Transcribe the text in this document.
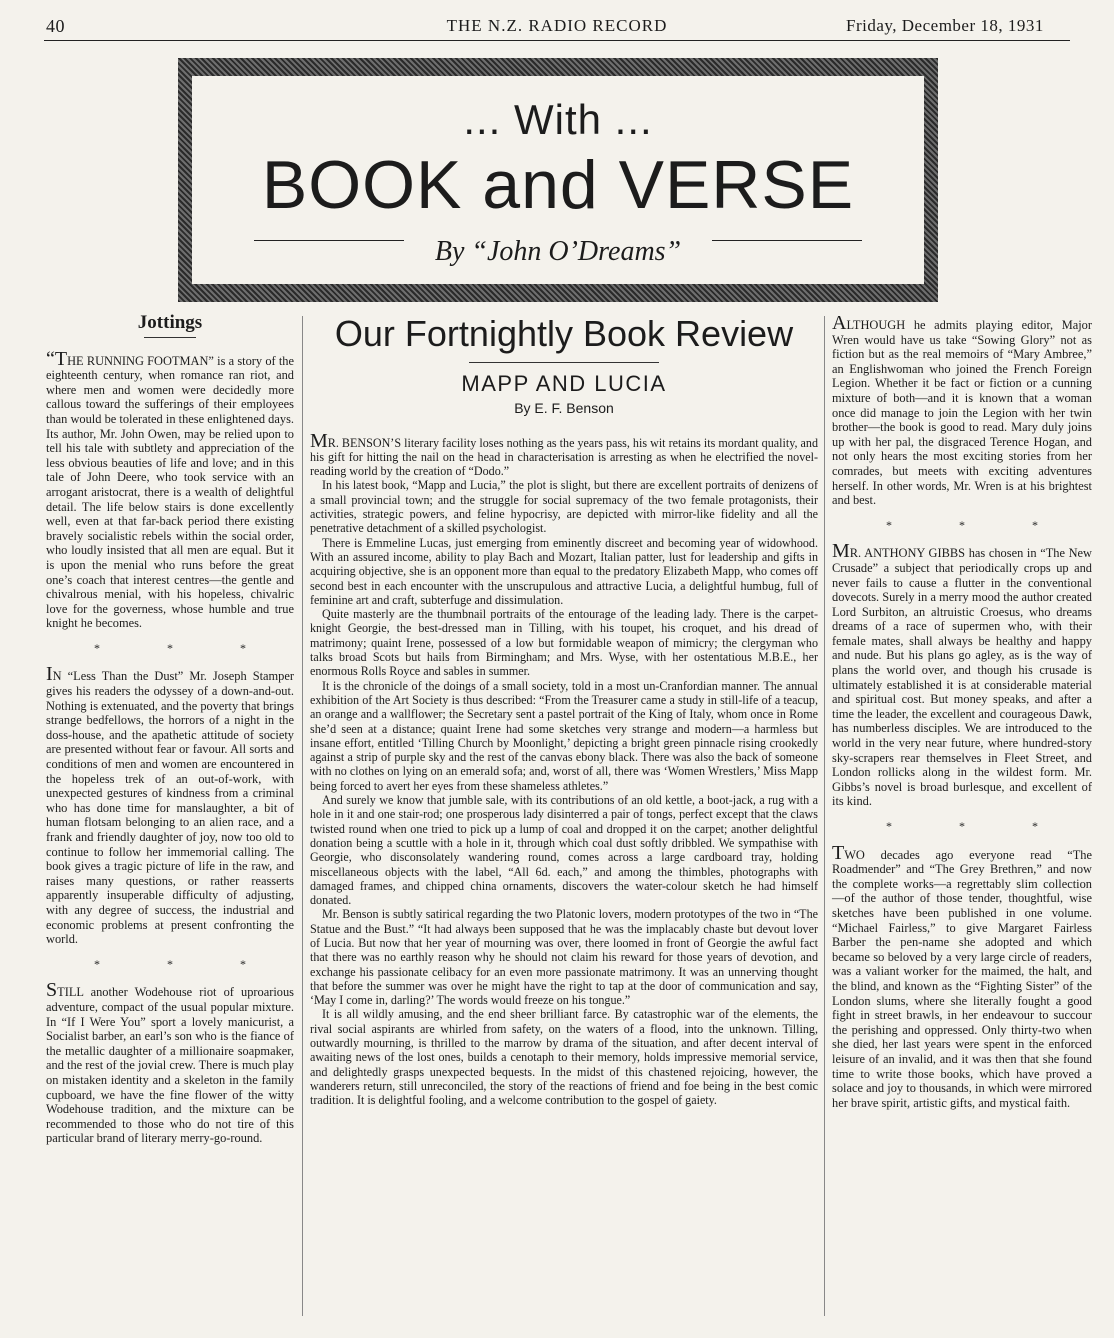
40	THE N.Z. RADIO RECORD	Friday, December 18, 1931
... With ...
BOOK and VERSE
By “John O’Dreams”
Jottings

“THE RUNNING FOOTMAN” is a story of the eighteenth century, when romance ran riot, and where men and women were decidedly more callous toward the sufferings of their employees than would be tolerated in these enlightened days. Its author, Mr. John Owen, may be relied upon to tell his tale with subtlety and appreciation of the less obvious beauties of life and love; and in this tale of John Deere, who took service with an arrogant aristocrat, there is a wealth of delightful detail. The life below stairs is done excellently well, even at that far-back period there existing bravely socialistic rebels within the social order, who loudly insisted that all men are equal. But it is upon the menial who runs before the great one’s coach that interest centres—the gentle and chivalrous menial, with his hopeless, chivalric love for the governess, whose humble and true knight he becomes.

* * *

IN “Less Than the Dust” Mr. Joseph Stamper gives his readers the odyssey of a down-and-out. Nothing is extenuated, and the poverty that brings strange bedfellows, the horrors of a night in the doss-house, and the apathetic attitude of society are presented without fear or favour. All sorts and conditions of men and women are encountered in the hopeless trek of an out-of-work, with unexpected gestures of kindness from a criminal who has done time for manslaughter, a bit of human flotsam belonging to an alien race, and a frank and friendly daughter of joy, now too old to continue to follow her immemorial calling. The book gives a tragic picture of life in the raw, and raises many questions, or rather reasserts apparently insuperable difficulty of adjusting, with any degree of success, the industrial and economic problems at present confronting the world.

* * *

STILL another Wodehouse riot of uproarious adventure, compact of the usual popular mixture. In “If I Were You” sport a lovely manicurist, a Socialist barber, an earl’s son who is the fiance of the metallic daughter of a millionaire soapmaker, and the rest of the jovial crew. There is much play on mistaken identity and a skeleton in the family cupboard, we have the fine flower of the witty Wodehouse tradition, and the mixture can be recommended to those who do not tire of this particular brand of literary merry-go-round.

Our Fortnightly Book Review
MAPP AND LUCIA
By E. F. Benson

MR. BENSON’S literary facility loses nothing as the years pass, his wit retains its mordant quality, and his gift for hitting the nail on the head in characterisation is arresting as when he electrified the novel-reading world by the creation of “Dodo.”

In his latest book, “Mapp and Lucia,” the plot is slight, but there are excellent portraits of denizens of a small provincial town; and the struggle for social supremacy of the two female protagonists, their activities, strategic powers, and feline hypocrisy, are depicted with mirror-like fidelity and all the penetrative detachment of a skilled psychologist.

There is Emmeline Lucas, just emerging from eminently discreet and becoming year of widowhood. With an assured income, ability to play Bach and Mozart, Italian patter, lust for leadership and gifts in acquiring objective, she is an opponent more than equal to the predatory Elizabeth Mapp, who comes off second best in each encounter with the unscrupulous and attractive Lucia, a delightful humbug, full of feminine art and craft, subterfuge and dissimulation.

Quite masterly are the thumbnail portraits of the entourage of the leading lady. There is the carpet-knight Georgie, the best-dressed man in Tilling, with his toupet, his croquet, and his dread of matrimony; quaint Irene, possessed of a low but formidable weapon of mimicry; the clergyman who talks broad Scots but hails from Birmingham; and Mrs. Wyse, with her ostentatious M.B.E., her enormous Rolls Royce and sables in summer.

It is the chronicle of the doings of a small society, told in a most un-Cranfordian manner. The annual exhibition of the Art Society is thus described: “From the Treasurer came a study in still-life of a teacup, an orange and a wallflower; the Secretary sent a pastel portrait of the King of Italy, whom once in Rome she’d seen at a distance; quaint Irene had some sketches very strange and modern—a harmless but insane effort, entitled ‘Tilling Church by Moonlight,’ depicting a bright green pinnacle rising crookedly against a strip of purple sky and the rest of the canvas ebony black. There was also the back of someone with no clothes on lying on an emerald sofa; and, worst of all, there was ‘Women Wrestlers,’ Miss Mapp being forced to avert her eyes from these shameless athletes.”

And surely we know that jumble sale, with its contributions of an old kettle, a boot-jack, a rug with a hole in it and one stair-rod; one prosperous lady disinterred a pair of tongs, perfect except that the claws twisted round when one tried to pick up a lump of coal and dropped it on the carpet; another delightful donation being a scuttle with a hole in it, through which coal dust softly dribbled. We sympathise with Georgie, who disconsolately wandering round, comes across a large cardboard tray, holding miscellaneous objects with the label, “All 6d. each,” and among the thimbles, photographs with damaged frames, and chipped china ornaments, discovers the water-colour sketch he had himself donated.

Mr. Benson is subtly satirical regarding the two Platonic lovers, modern prototypes of the two in “The Statue and the Bust.” “It had always been supposed that he was the implacably chaste but devout lover of Lucia. But now that her year of mourning was over, there loomed in front of Georgie the awful fact that there was no earthly reason why he should not claim his reward for those years of devotion, and exchange his passionate celibacy for an even more passionate matrimony. It was an unnerving thought that before the summer was over he might have the right to tap at the door of communication and say, ‘May I come in, darling?’ The words would freeze on his tongue.”

It is all wildly amusing, and the end sheer brilliant farce. By catastrophic war of the elements, the rival social aspirants are whirled from safety, on the waters of a flood, into the unknown. Tilling, outwardly mourning, is thrilled to the marrow by drama of the situation, and after decent interval of awaiting news of the lost ones, builds a cenotaph to their memory, holds impressive memorial service, and delightedly grasps unexpected bequests. In the midst of this chastened rejoicing, however, the wanderers return, still unreconciled, the story of the reactions of friend and foe being in the best comic tradition. It is delightful fooling, and a welcome contribution to the gospel of gaiety.

ALTHOUGH he admits playing editor, Major Wren would have us take “Sowing Glory” not as fiction but as the real memoirs of “Mary Ambree,” an Englishwoman who joined the French Foreign Legion. Whether it be fact or fiction or a cunning mixture of both—and it is known that a woman once did manage to join the Legion with her twin brother—the book is good to read. Mary duly joins up with her pal, the disgraced Terence Hogan, and not only hears the most exciting stories from her comrades, but meets with exciting adventures herself. In other words, Mr. Wren is at his brightest and best.

* * *

MR. ANTHONY GIBBS has chosen in “The New Crusade” a subject that periodically crops up and never fails to cause a flutter in the conventional dovecots. Surely in a merry mood the author created Lord Surbiton, an altruistic Croesus, who dreams dreams of a race of supermen who, with their female mates, shall always be healthy and happy and nude. But his plans go agley, as is the way of plans the world over, and though his crusade is ultimately established it is at considerable material and spiritual cost. But money speaks, and after a time the leader, the excellent and courageous Dawk, has numberless disciples. We are introduced to the world in the very near future, where hundred-story sky-scrapers rear themselves in Fleet Street, and London rollicks along in the wildest form. Mr. Gibbs’s novel is broad burlesque, and excellent of its kind.

* * *

TWO decades ago everyone read “The Roadmender” and “The Grey Brethren,” and now the complete works—a regrettably slim collection—of the author of those tender, thoughtful, wise sketches have been published in one volume. “Michael Fairless,” to give Margaret Fairless Barber the pen-name she adopted and which became so beloved by a very large circle of readers, was a valiant worker for the maimed, the halt, and the blind, and known as the “Fighting Sister” of the London slums, where she literally fought a good fight in street brawls, in her endeavour to succour the perishing and oppressed. Only thirty-two when she died, her last years were spent in the enforced leisure of an invalid, and it was then that she found time to write those books, which have proved a solace and joy to thousands, in which were mirrored her brave spirit, artistic gifts, and mystical faith.
